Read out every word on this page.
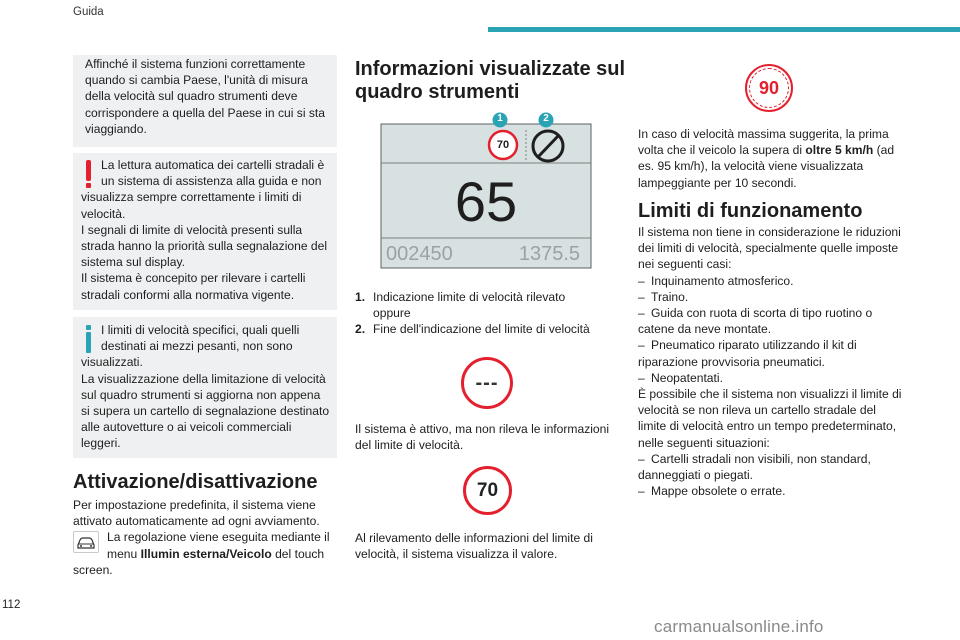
Guida

Affinché il sistema funzioni correttamente quando si cambia Paese, l'unità di misura della velocità sul quadro strumenti deve corrispondere a quella del Paese in cui si sta viaggiando.

La lettura automatica dei cartelli stradali è un sistema di assistenza alla guida e non visualizza sempre correttamente i limiti di velocità.

I segnali di limite di velocità presenti sulla strada hanno la priorità sulla segnalazione del sistema sul display.

Il sistema è concepito per rilevare i cartelli stradali conformi alla normativa vigente.

I limiti di velocità specifici, quali quelli destinati ai mezzi pesanti, non sono visualizzati.

La visualizzazione della limitazione di velocità sul quadro strumenti si aggiorna non appena si supera un cartello di segnalazione destinato alle autovetture o ai veicoli commerciali leggeri.

Attivazione/disattivazione

Per impostazione predefinita, il sistema viene attivato automaticamente ad ogni avviamento.

La regolazione viene eseguita mediante il menu Illumin esterna/Veicolo del touch screen.

Informazioni visualizzate sul
quadro strumenti
70
1	2
65
002450	1375.5
1. Indicazione limite di velocità rilevato
oppure
2. Fine dell'indicazione del limite di velocità
---
Il sistema è attivo, ma non rileva le informazioni del limite di velocità.
70
Al rilevamento delle informazioni del limite di velocità, il sistema visualizza il valore.
90

In caso di velocità massima suggerita, la prima volta che il veicolo la supera di oltre 5 km/h (ad es. 95 km/h), la velocità viene visualizzata lampeggiante per 10 secondi.

Limiti di funzionamento

Il sistema non tiene in considerazione le riduzioni dei limiti di velocità, specialmente quelle imposte nei seguenti casi:

– Inquinamento atmosferico.
– Traino.
– Guida con ruota di scorta di tipo ruotino o catene da neve montate.
– Pneumatico riparato utilizzando il kit di riparazione provvisoria pneumatici.
– Neopatentati.

È possibile che il sistema non visualizzi il limite di velocità se non rileva un cartello stradale del limite di velocità entro un tempo predeterminato, nelle seguenti situazioni:

– Cartelli stradali non visibili, non standard, danneggiati o piegati.
– Mappe obsolete o errate.
112
carmanualsonline.info
